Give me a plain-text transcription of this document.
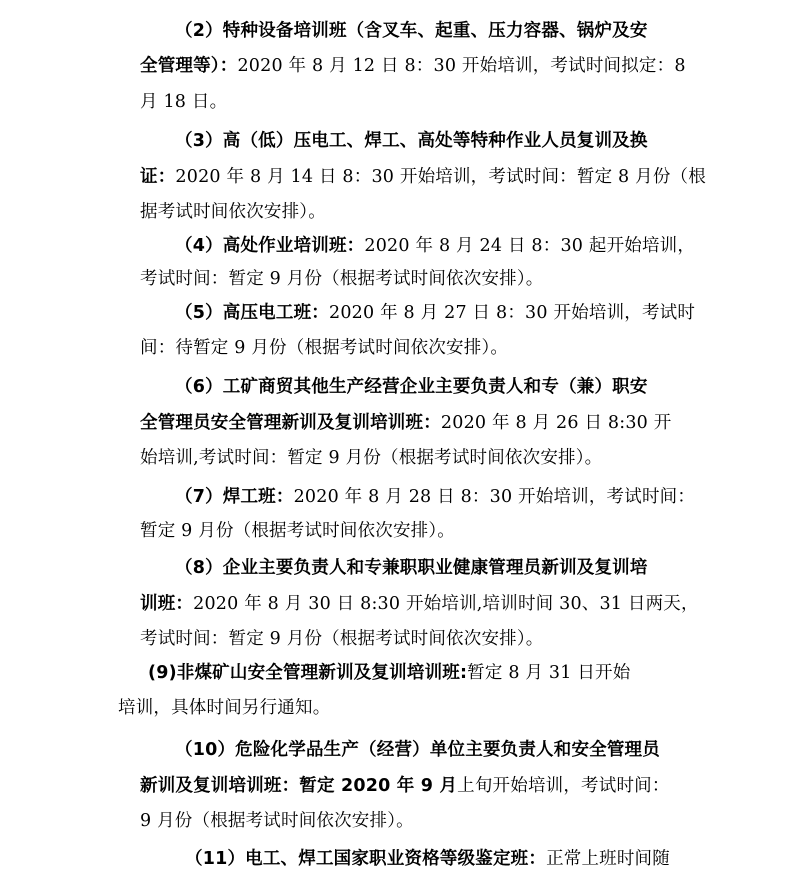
（2）特种设备培训班（含叉车、起重、压力容器、锅炉及安
全管理等）：2020 年 8 月 12 日 8：30 开始培训，考试时间拟定：8
月 18 日。
（3）高（低）压电工、焊工、高处等特种作业人员复训及换
证：2020 年 8 月 14 日 8：30 开始培训，考试时间：暂定 8 月份（根
据考试时间依次安排）。
（4）高处作业培训班：2020 年 8 月 24 日 8：30 起开始培训，
考试时间：暂定 9 月份（根据考试时间依次安排）。
（5）高压电工班：2020 年 8 月 27 日 8：30 开始培训，考试时
间：待暂定 9 月份（根据考试时间依次安排）。
（6）工矿商贸其他生产经营企业主要负责人和专（兼）职安
全管理员安全管理新训及复训培训班：2020 年 8 月 26 日 8:30 开
始培训,考试时间：暂定 9 月份（根据考试时间依次安排）。
（7）焊工班：2020 年 8 月 28 日 8：30 开始培训，考试时间：
暂定 9 月份（根据考试时间依次安排）。
（8）企业主要负责人和专兼职职业健康管理员新训及复训培
训班：2020 年 8 月 30 日 8:30 开始培训,培训时间 30、31 日两天，
考试时间：暂定 9 月份（根据考试时间依次安排）。
(9)非煤矿山安全管理新训及复训培训班:暂定 8 月 31 日开始
培训，具体时间另行通知。
（10）危险化学品生产（经营）单位主要负责人和安全管理员
新训及复训培训班：暂定 2020 年 9 月上旬开始培训，考试时间：
9 月份（根据考试时间依次安排）。
（11）电工、焊工国家职业资格等级鉴定班：正常上班时间随
